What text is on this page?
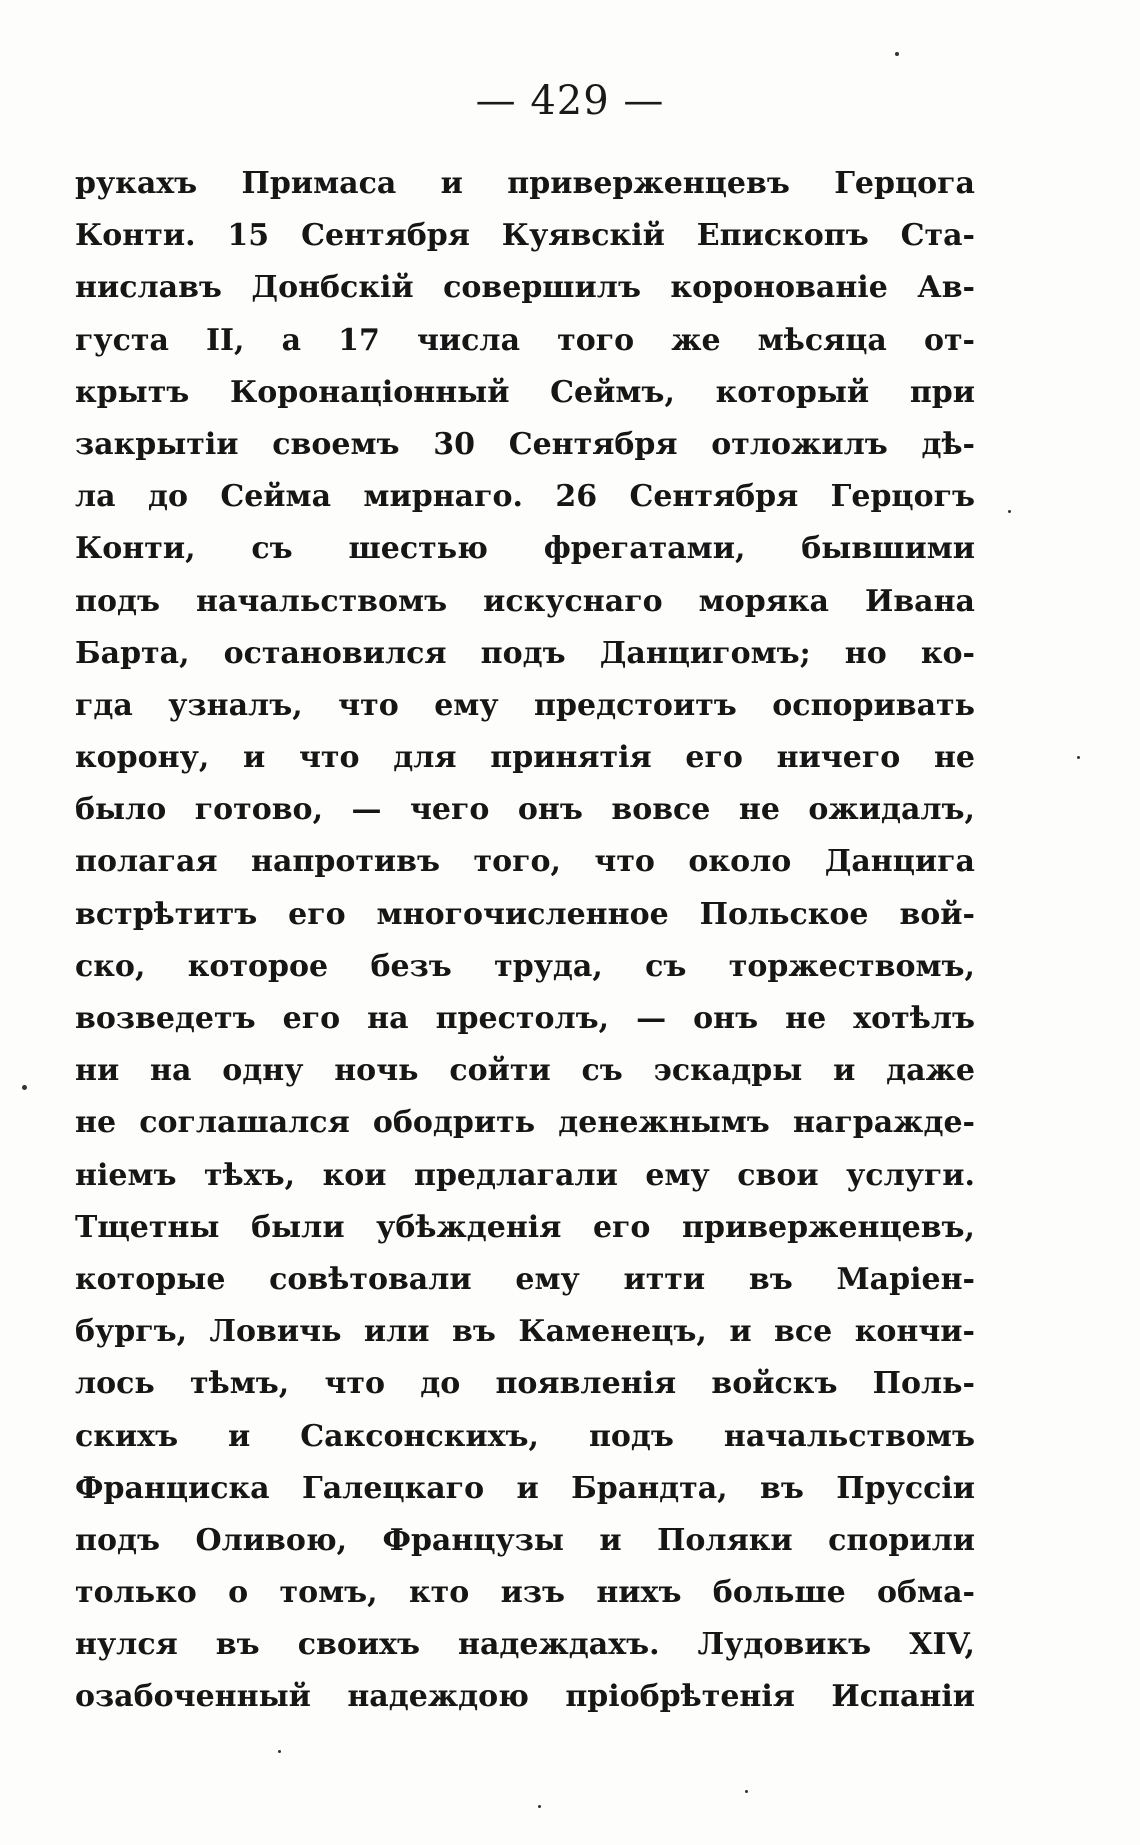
— 429 —
рукахъ Примаса и приверженцевъ Герцога
Конти. 15 Сентября Куявскій Епископъ Ста-
ниславъ Донбскій совершилъ коронованіе Ав-
густа II, а 17 числа того же мѣсяца от-
крытъ Коронаціонный Сеймъ, который при
закрытіи своемъ 30 Сентября отложилъ дѣ-
ла до Сейма мирнаго. 26 Сентября Герцогъ
Конти, съ шестью фрегатами, бывшими
подъ начальствомъ искуснаго моряка Ивана
Барта, остановился подъ Данцигомъ; но ко-
гда узналъ, что ему предстоитъ оспоривать
корону, и что для принятія его ничего не
было готово, — чего онъ вовсе не ожидалъ,
полагая напротивъ того, что около Данцига
встрѣтитъ его многочисленное Польское вой-
ско, которое безъ труда, съ торжествомъ,
возведетъ его на престолъ, — онъ не хотѣлъ
ни на одну ночь сойти съ эскадры и даже
не соглашался ободрить денежнымъ награжде-
ніемъ тѣхъ, кои предлагали ему свои услуги.
Тщетны были убѣжденія его приверженцевъ,
которые совѣтовали ему итти въ Маріен-
бургъ, Ловичь или въ Каменецъ, и все кончи-
лось тѣмъ, что до появленія войскъ Поль-
скихъ и Саксонскихъ, подъ начальствомъ
Франциска Галецкаго и Брандта, въ Пруссіи
подъ Оливою, Французы и Поляки спорили
только о томъ, кто изъ нихъ больше обма-
нулся въ своихъ надеждахъ. Лудовикъ XIV,
озабоченный надеждою пріобрѣтенія Испаніи
